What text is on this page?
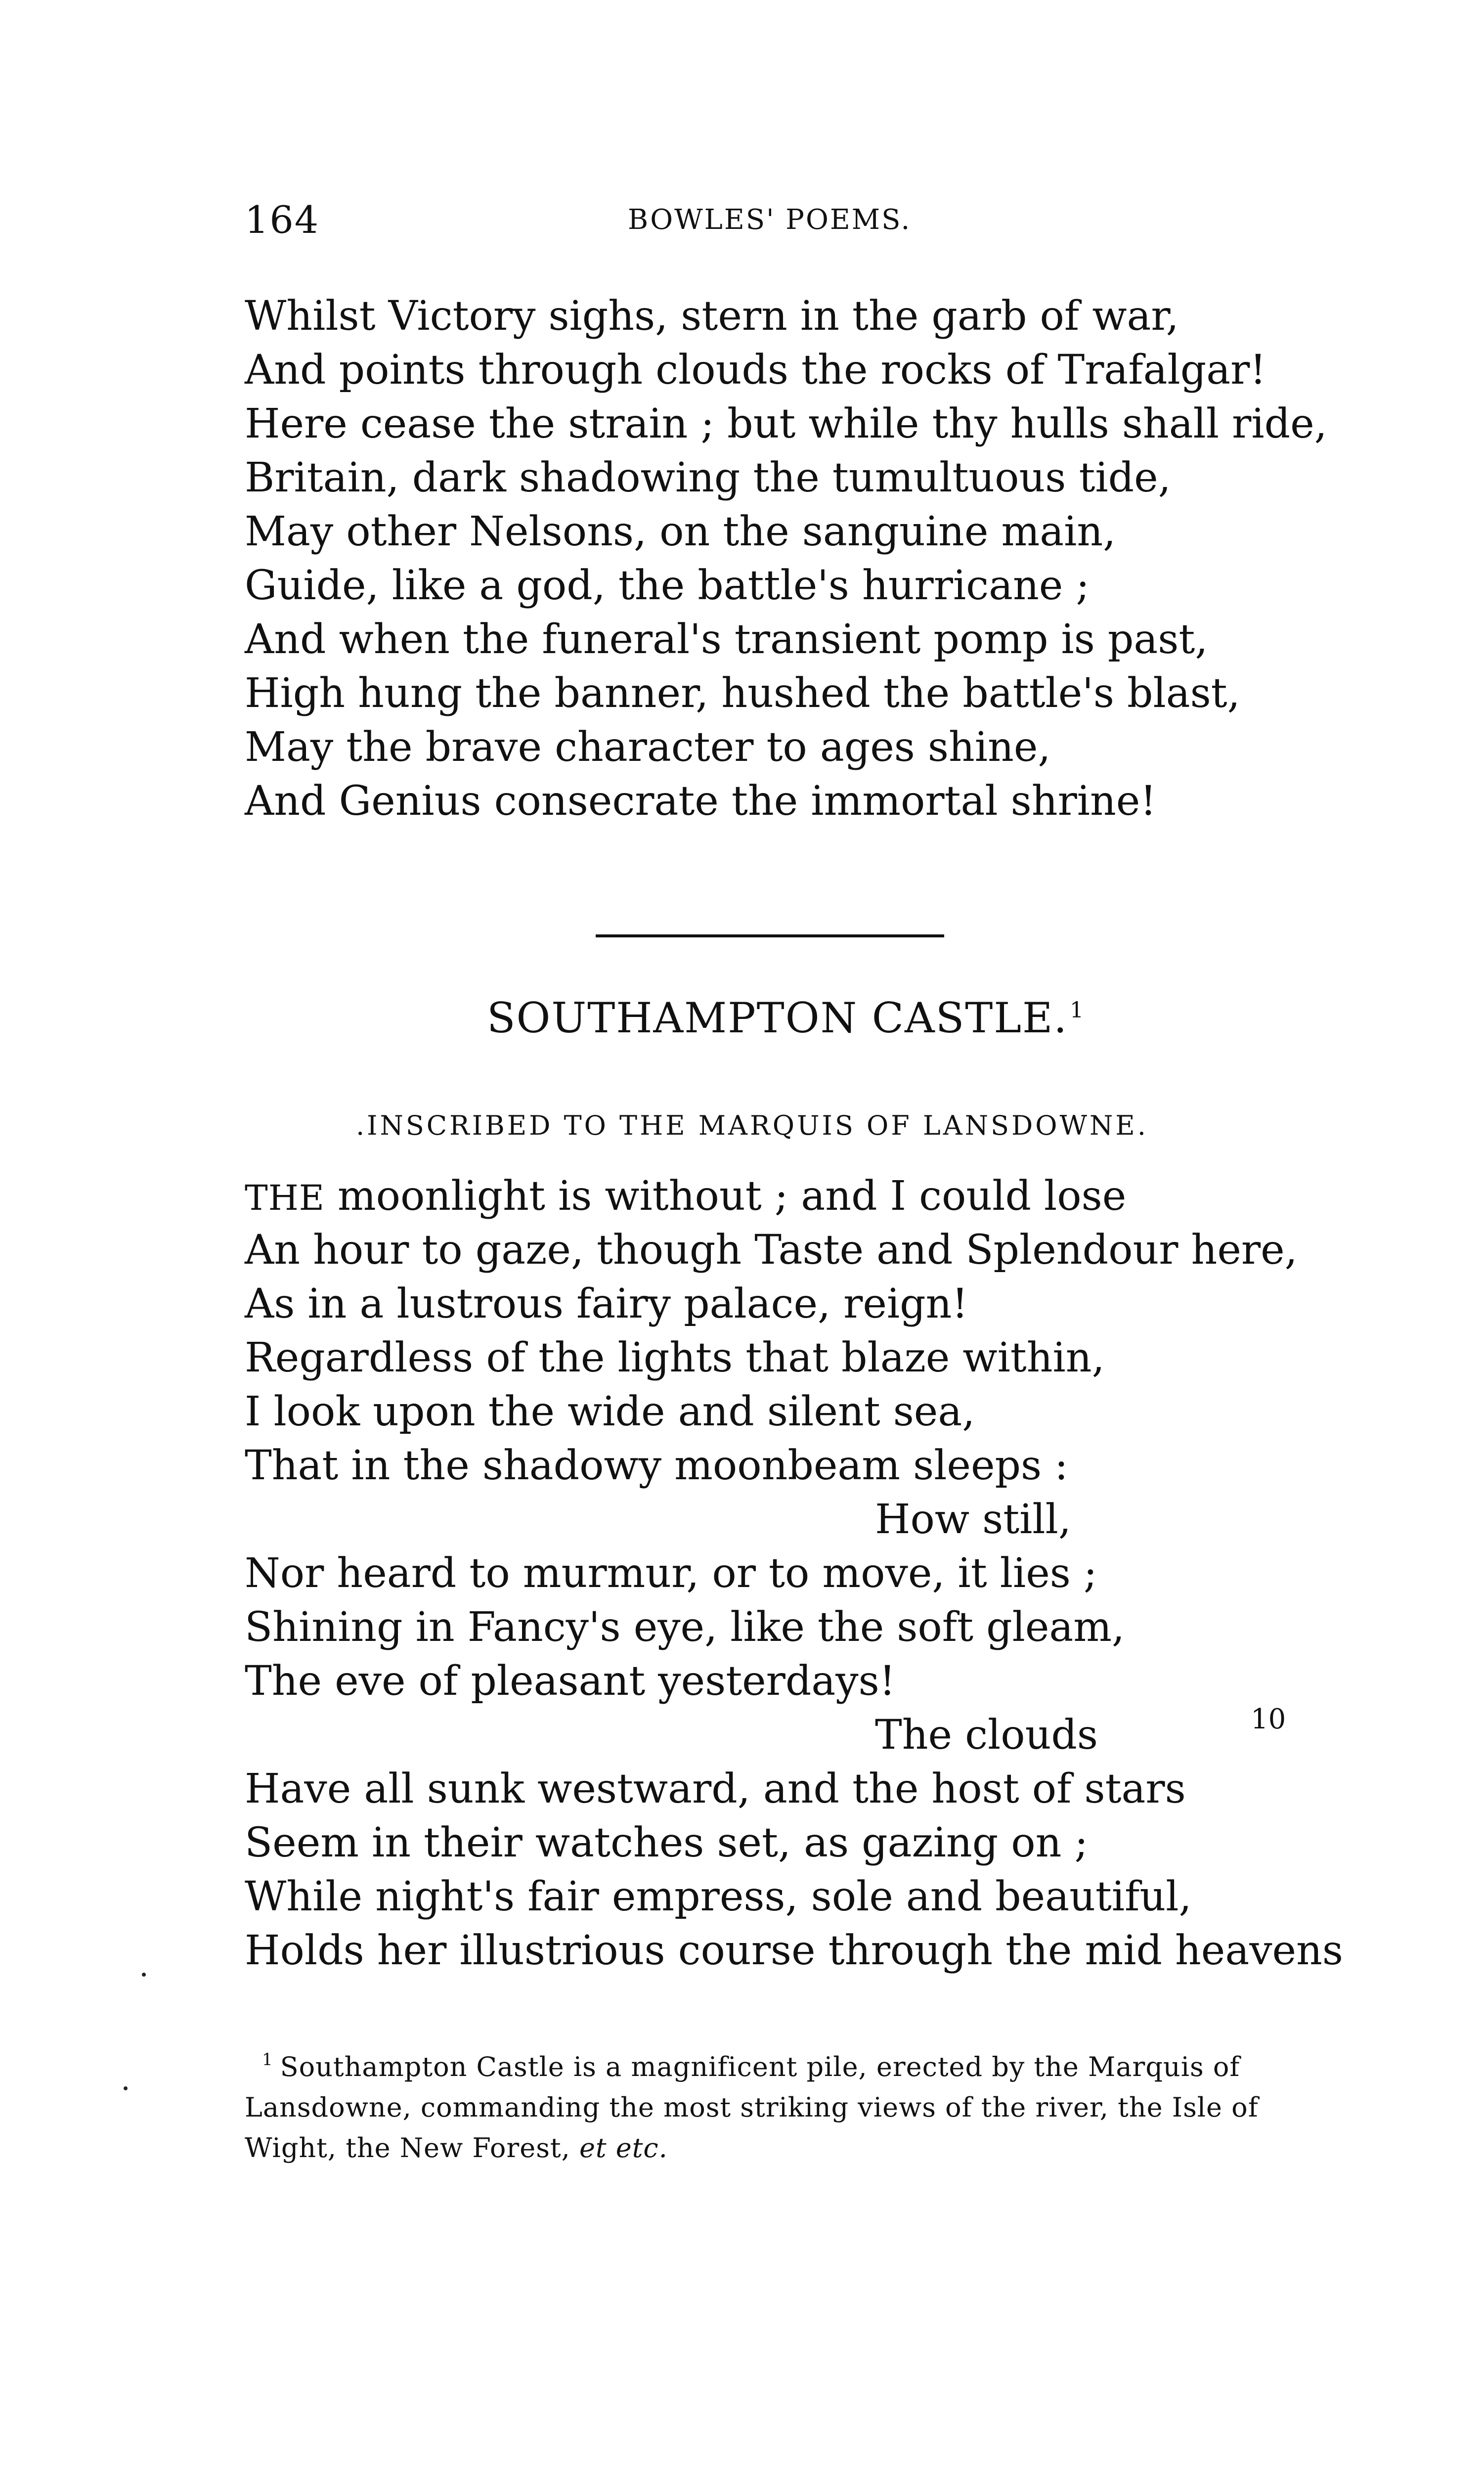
164	BOWLES' POEMS.
Whilst Victory sighs, stern in the garb of war,
And points through clouds the rocks of Trafalgar!
Here cease the strain ; but while thy hulls shall ride,
Britain, dark shadowing the tumultuous tide,
May other Nelsons, on the sanguine main,
Guide, like a god, the battle's hurricane ;
And when the funeral's transient pomp is past,
High hung the banner, hushed the battle's blast,
May the brave character to ages shine,
And Genius consecrate the immortal shrine!
SOUTHAMPTON CASTLE.$^1$
.INSCRIBED TO THE MARQUIS OF LANSDOWNE.
THE moonlight is without ; and I could lose
An hour to gaze, though Taste and Splendour here,
As in a lustrous fairy palace, reign!
Regardless of the lights that blaze within,
I look upon the wide and silent sea,
That in the shadowy moonbeam sleeps :
How still,
Nor heard to murmur, or to move, it lies ;
Shining in Fancy's eye, like the soft gleam,
The eve of pleasant yesterdays!
The clouds
Have all sunk westward, and the host of stars
Seem in their watches set, as gazing on ;
While night's fair empress, sole and beautiful,
Holds her illustrious course through the mid heavens
10
$^1$ Southampton Castle is a magnificent pile, erected by the Marquis of
Lansdowne, commanding the most striking views of the river, the Isle of
Wight, the New Forest, et etc.
